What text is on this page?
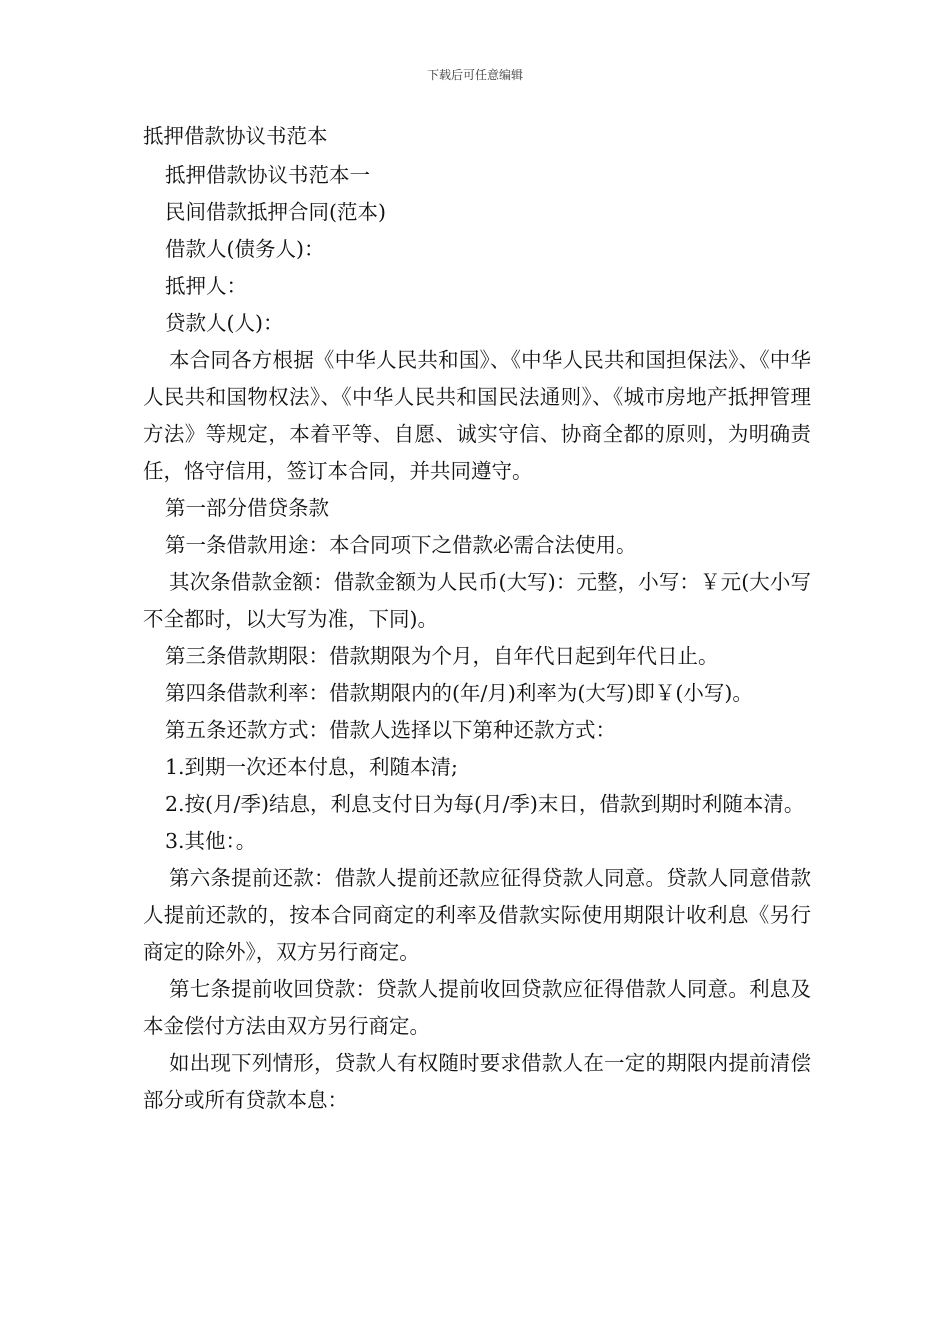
下载后可任意编辑

抵押借款协议书范本

抵押借款协议书范本一

民间借款抵押合同(范本)

借款人(债务人)：

抵押人：

贷款人(人)：

本合同各方根据《中华人民共和国》、《中华人民共和国担保法》、《中华人民共和国物权法》、《中华人民共和国民法通则》、《城市房地产抵押管理方法》等规定，本着平等、自愿、诚实守信、协商全都的原则，为明确责任，恪守信用，签订本合同，并共同遵守。

第一部分借贷条款

第一条借款用途：本合同项下之借款必需合法使用。

其次条借款金额：借款金额为人民币(大写)：元整，小写：￥元(大小写不全都时，以大写为准，下同)。

第三条借款期限：借款期限为个月，自年代日起到年代日止。

第四条借款利率：借款期限内的(年/月)利率为(大写)即￥(小写)。

第五条还款方式：借款人选择以下第种还款方式：

1.到期一次还本付息，利随本清;

2.按(月/季)结息，利息支付日为每(月/季)末日，借款到期时利随本清。

3.其他：。

第六条提前还款：借款人提前还款应征得贷款人同意。贷款人同意借款人提前还款的，按本合同商定的利率及借款实际使用期限计收利息《另行商定的除外》，双方另行商定。

第七条提前收回贷款：贷款人提前收回贷款应征得借款人同意。利息及本金偿付方法由双方另行商定。

如出现下列情形，贷款人有权随时要求借款人在一定的期限内提前清偿部分或所有贷款本息：
